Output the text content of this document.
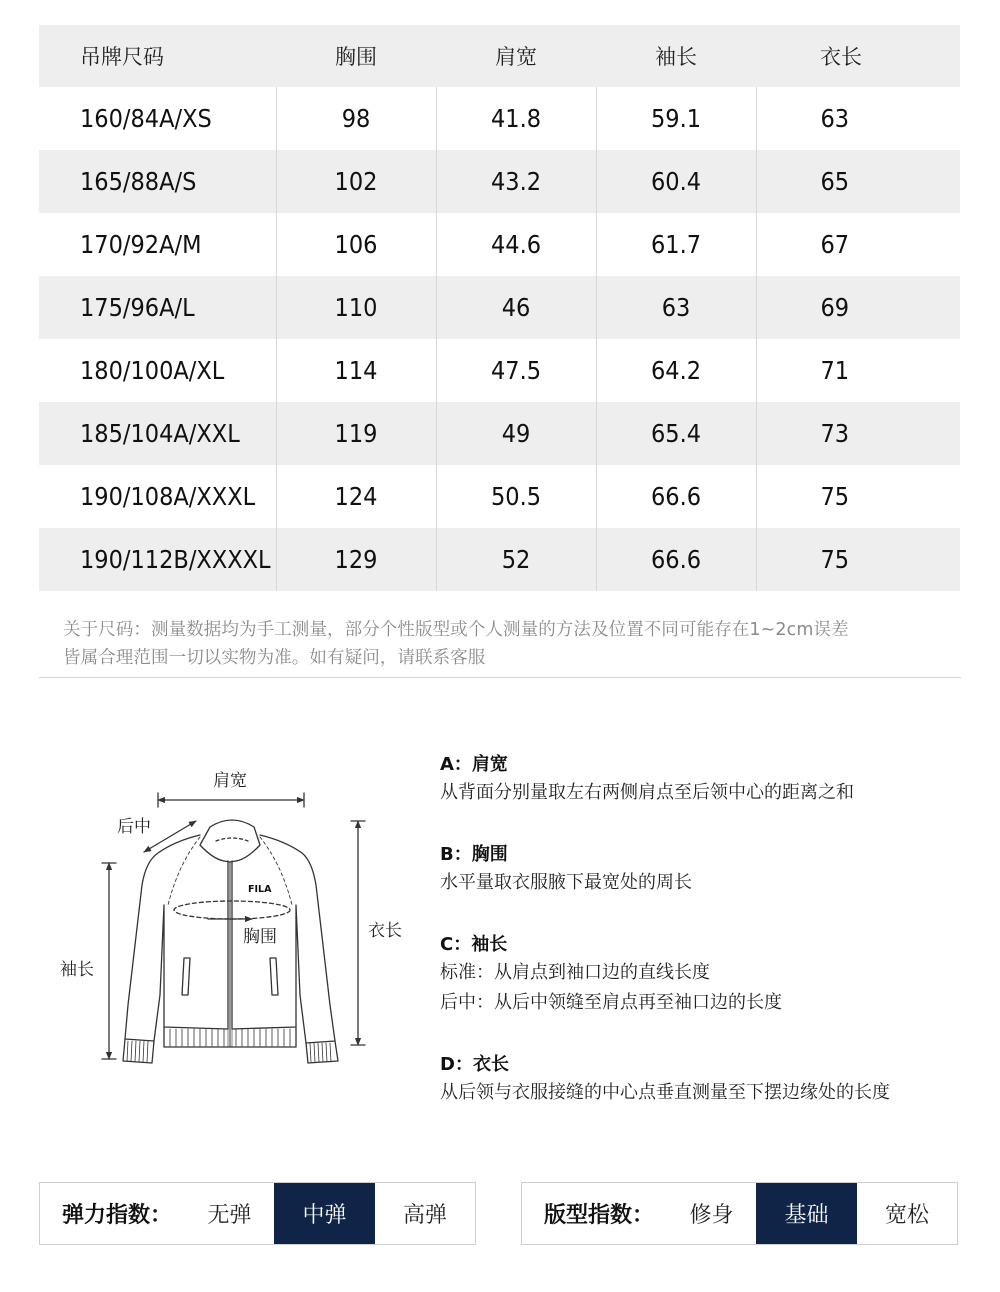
吊牌尺码	胸围	肩宽	袖长	衣长
160/84A/XS	98	41.8	59.1	63
165/88A/S	102	43.2	60.4	65
170/92A/M	106	44.6	61.7	67
175/96A/L	110	46	63	69
180/100A/XL	114	47.5	64.2	71
185/104A/XXL	119	49	65.4	73
190/108A/XXXL	124	50.5	66.6	75
190/112B/XXXXL	129	52	66.6	75
关于尺码：测量数据均为手工测量，部分个性版型或个人测量的方法及位置不同可能存在1~2cm误差
皆属合理范围一切以实物为准。如有疑问，请联系客服
FILA
肩宽
后中
胸围
袖长
衣长
A：肩宽
从背面分别量取左右两侧肩点至后领中心的距离之和
B：胸围
水平量取衣服腋下最宽处的周长
C：袖长
标准：从肩点到袖口边的直线长度
后中：从后中领缝至肩点再至袖口边的长度
D：衣长
从后领与衣服接缝的中心点垂直测量至下摆边缘处的长度
弹力指数：	无弹	中弹	高弹	版型指数：	修身	基础	宽松
